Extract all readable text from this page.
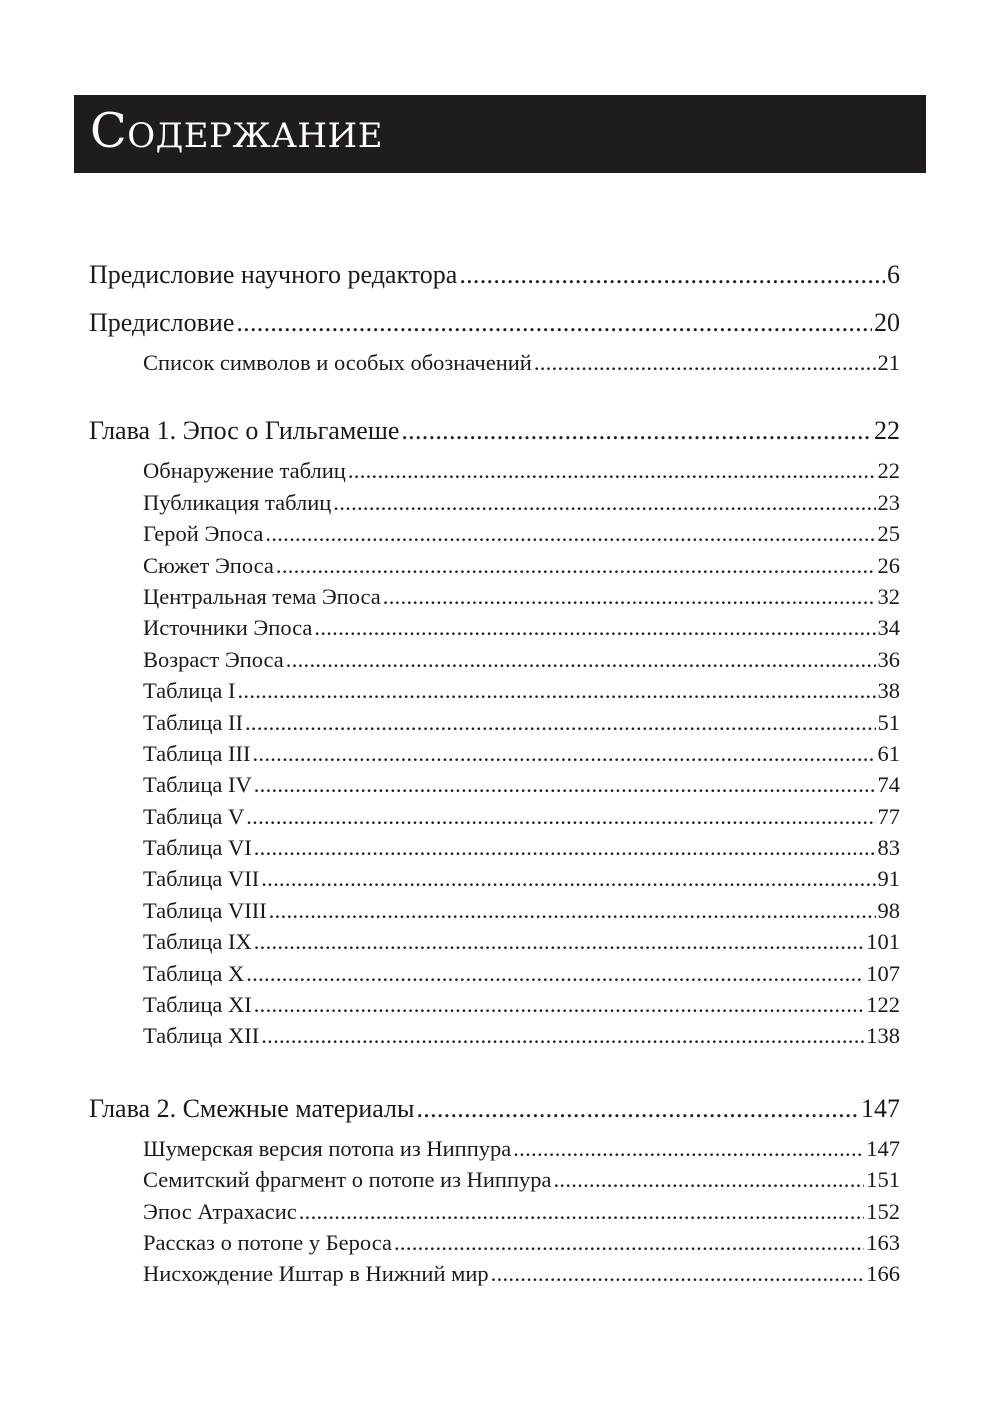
Содержание
Предисловие научного редактора .....	6
Предисловие .....	20
Список символов и особых обозначений .....	21
Глава 1. Эпос о Гильгамеше .....	22
Обнаружение таблиц .....	22
Публикация таблиц .....	23
Герой Эпоса .....	25
Сюжет Эпоса .....	26
Центральная тема Эпоса .....	32
Источники Эпоса .....	34
Возраст Эпоса .....	36
Таблица I .....	38
Таблица II .....	51
Таблица III .....	61
Таблица IV .....	74
Таблица V .....	77
Таблица VI .....	83
Таблица VII .....	91
Таблица VIII .....	98
Таблица IX .....	101
Таблица X .....	107
Таблица XI .....	122
Таблица XII .....	138
Глава 2. Смежные материалы .....	147
Шумерская версия потопа из Ниппура .....	147
Семитский фрагмент о потопе из Ниппура .....	151
Эпос Атрахасис .....	152
Рассказ о потопе у Бероса .....	163
Нисхождение Иштар в Нижний мир .....	166
